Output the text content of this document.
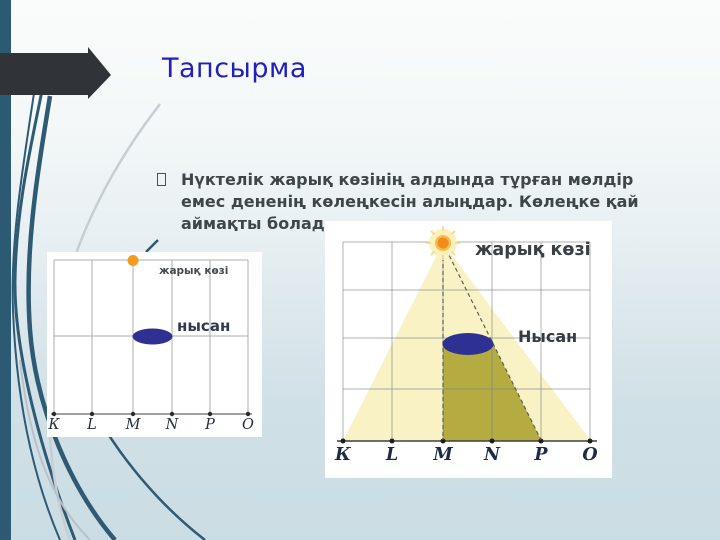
Тапсырма
Нүктелік жарық көзінің алдында тұрған мөлдір
емес дененің көлеңкесін алыңдар. Көлеңке қай
аймақты болад
жарық көзі
нысан
К L M N P O
жарық көзі
Нысан
К L M N P O
